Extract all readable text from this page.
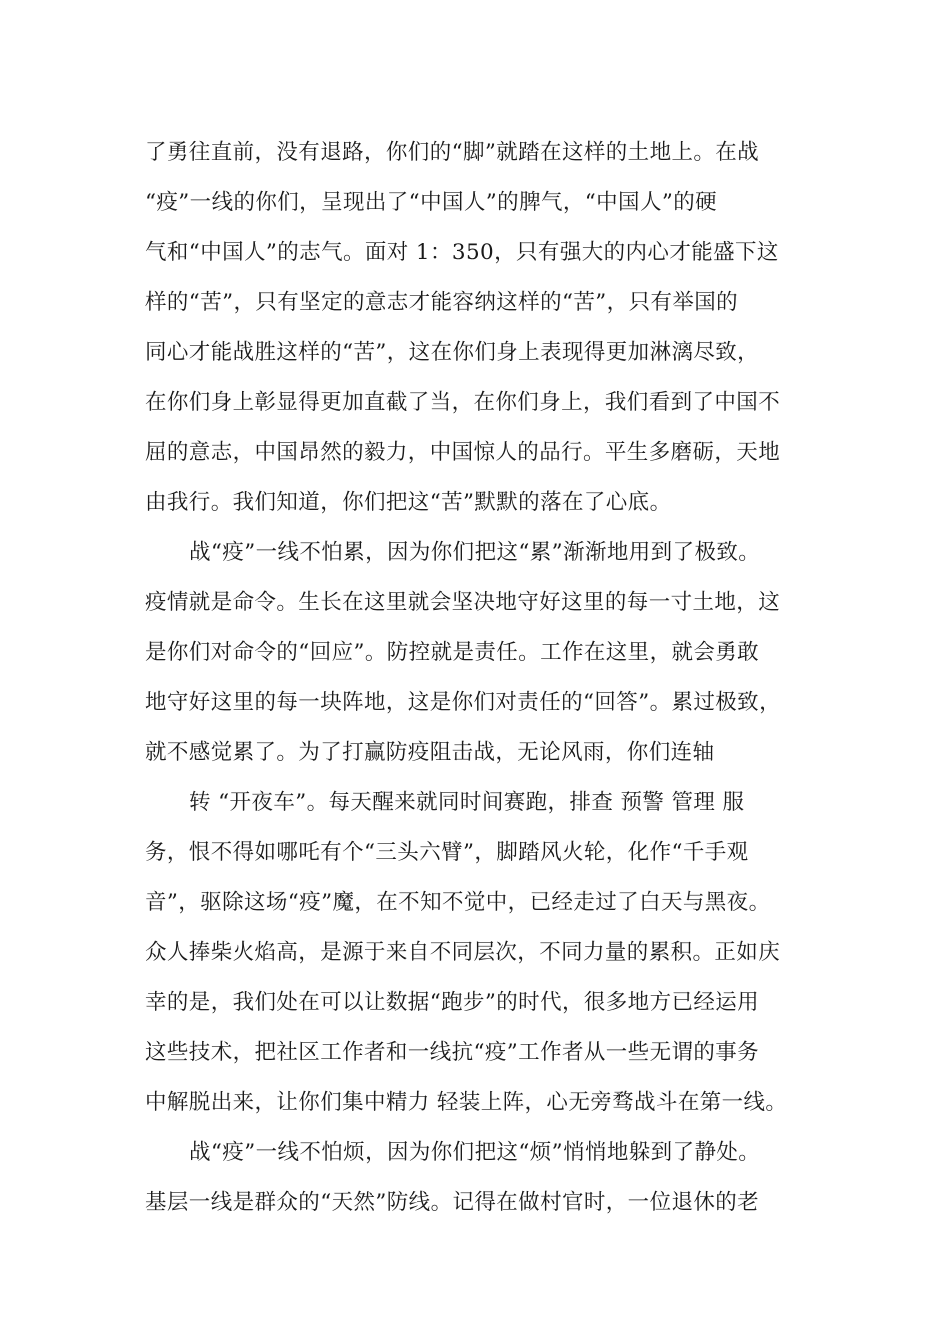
了勇往直前，没有退路，你们的“脚”就踏在这样的土地上。在战
“疫”一线的你们，呈现出了“中国人”的脾气，“中国人”的硬
气和“中国人”的志气。面对 1：350，只有强大的内心才能盛下这
样的“苦”，只有坚定的意志才能容纳这样的“苦”，只有举国的
同心才能战胜这样的“苦”，这在你们身上表现得更加淋漓尽致，
在你们身上彰显得更加直截了当，在你们身上，我们看到了中国不
屈的意志，中国昂然的毅力，中国惊人的品行。平生多磨砺，天地
由我行。我们知道，你们把这“苦”默默的落在了心底。
战“疫”一线不怕累，因为你们把这“累”渐渐地用到了极致。
疫情就是命令。生长在这里就会坚决地守好这里的每一寸土地，这
是你们对命令的“回应”。防控就是责任。工作在这里，就会勇敢
地守好这里的每一块阵地，这是你们对责任的“回答”。累过极致，
就不感觉累了。为了打赢防疫阻击战，无论风雨，你们连轴
转 “开夜车”。每天醒来就同时间赛跑，排查 预警 管理 服
务，恨不得如哪吒有个“三头六臂”，脚踏风火轮，化作“千手观
音”，驱除这场“疫”魔，在不知不觉中，已经走过了白天与黑夜。
众人捧柴火焰高，是源于来自不同层次，不同力量的累积。正如庆
幸的是，我们处在可以让数据“跑步”的时代，很多地方已经运用
这些技术，把社区工作者和一线抗“疫”工作者从一些无谓的事务
中解脱出来，让你们集中精力 轻装上阵，心无旁骛战斗在第一线。
战“疫”一线不怕烦，因为你们把这“烦”悄悄地躲到了静处。
基层一线是群众的“天然”防线。记得在做村官时，一位退休的老
